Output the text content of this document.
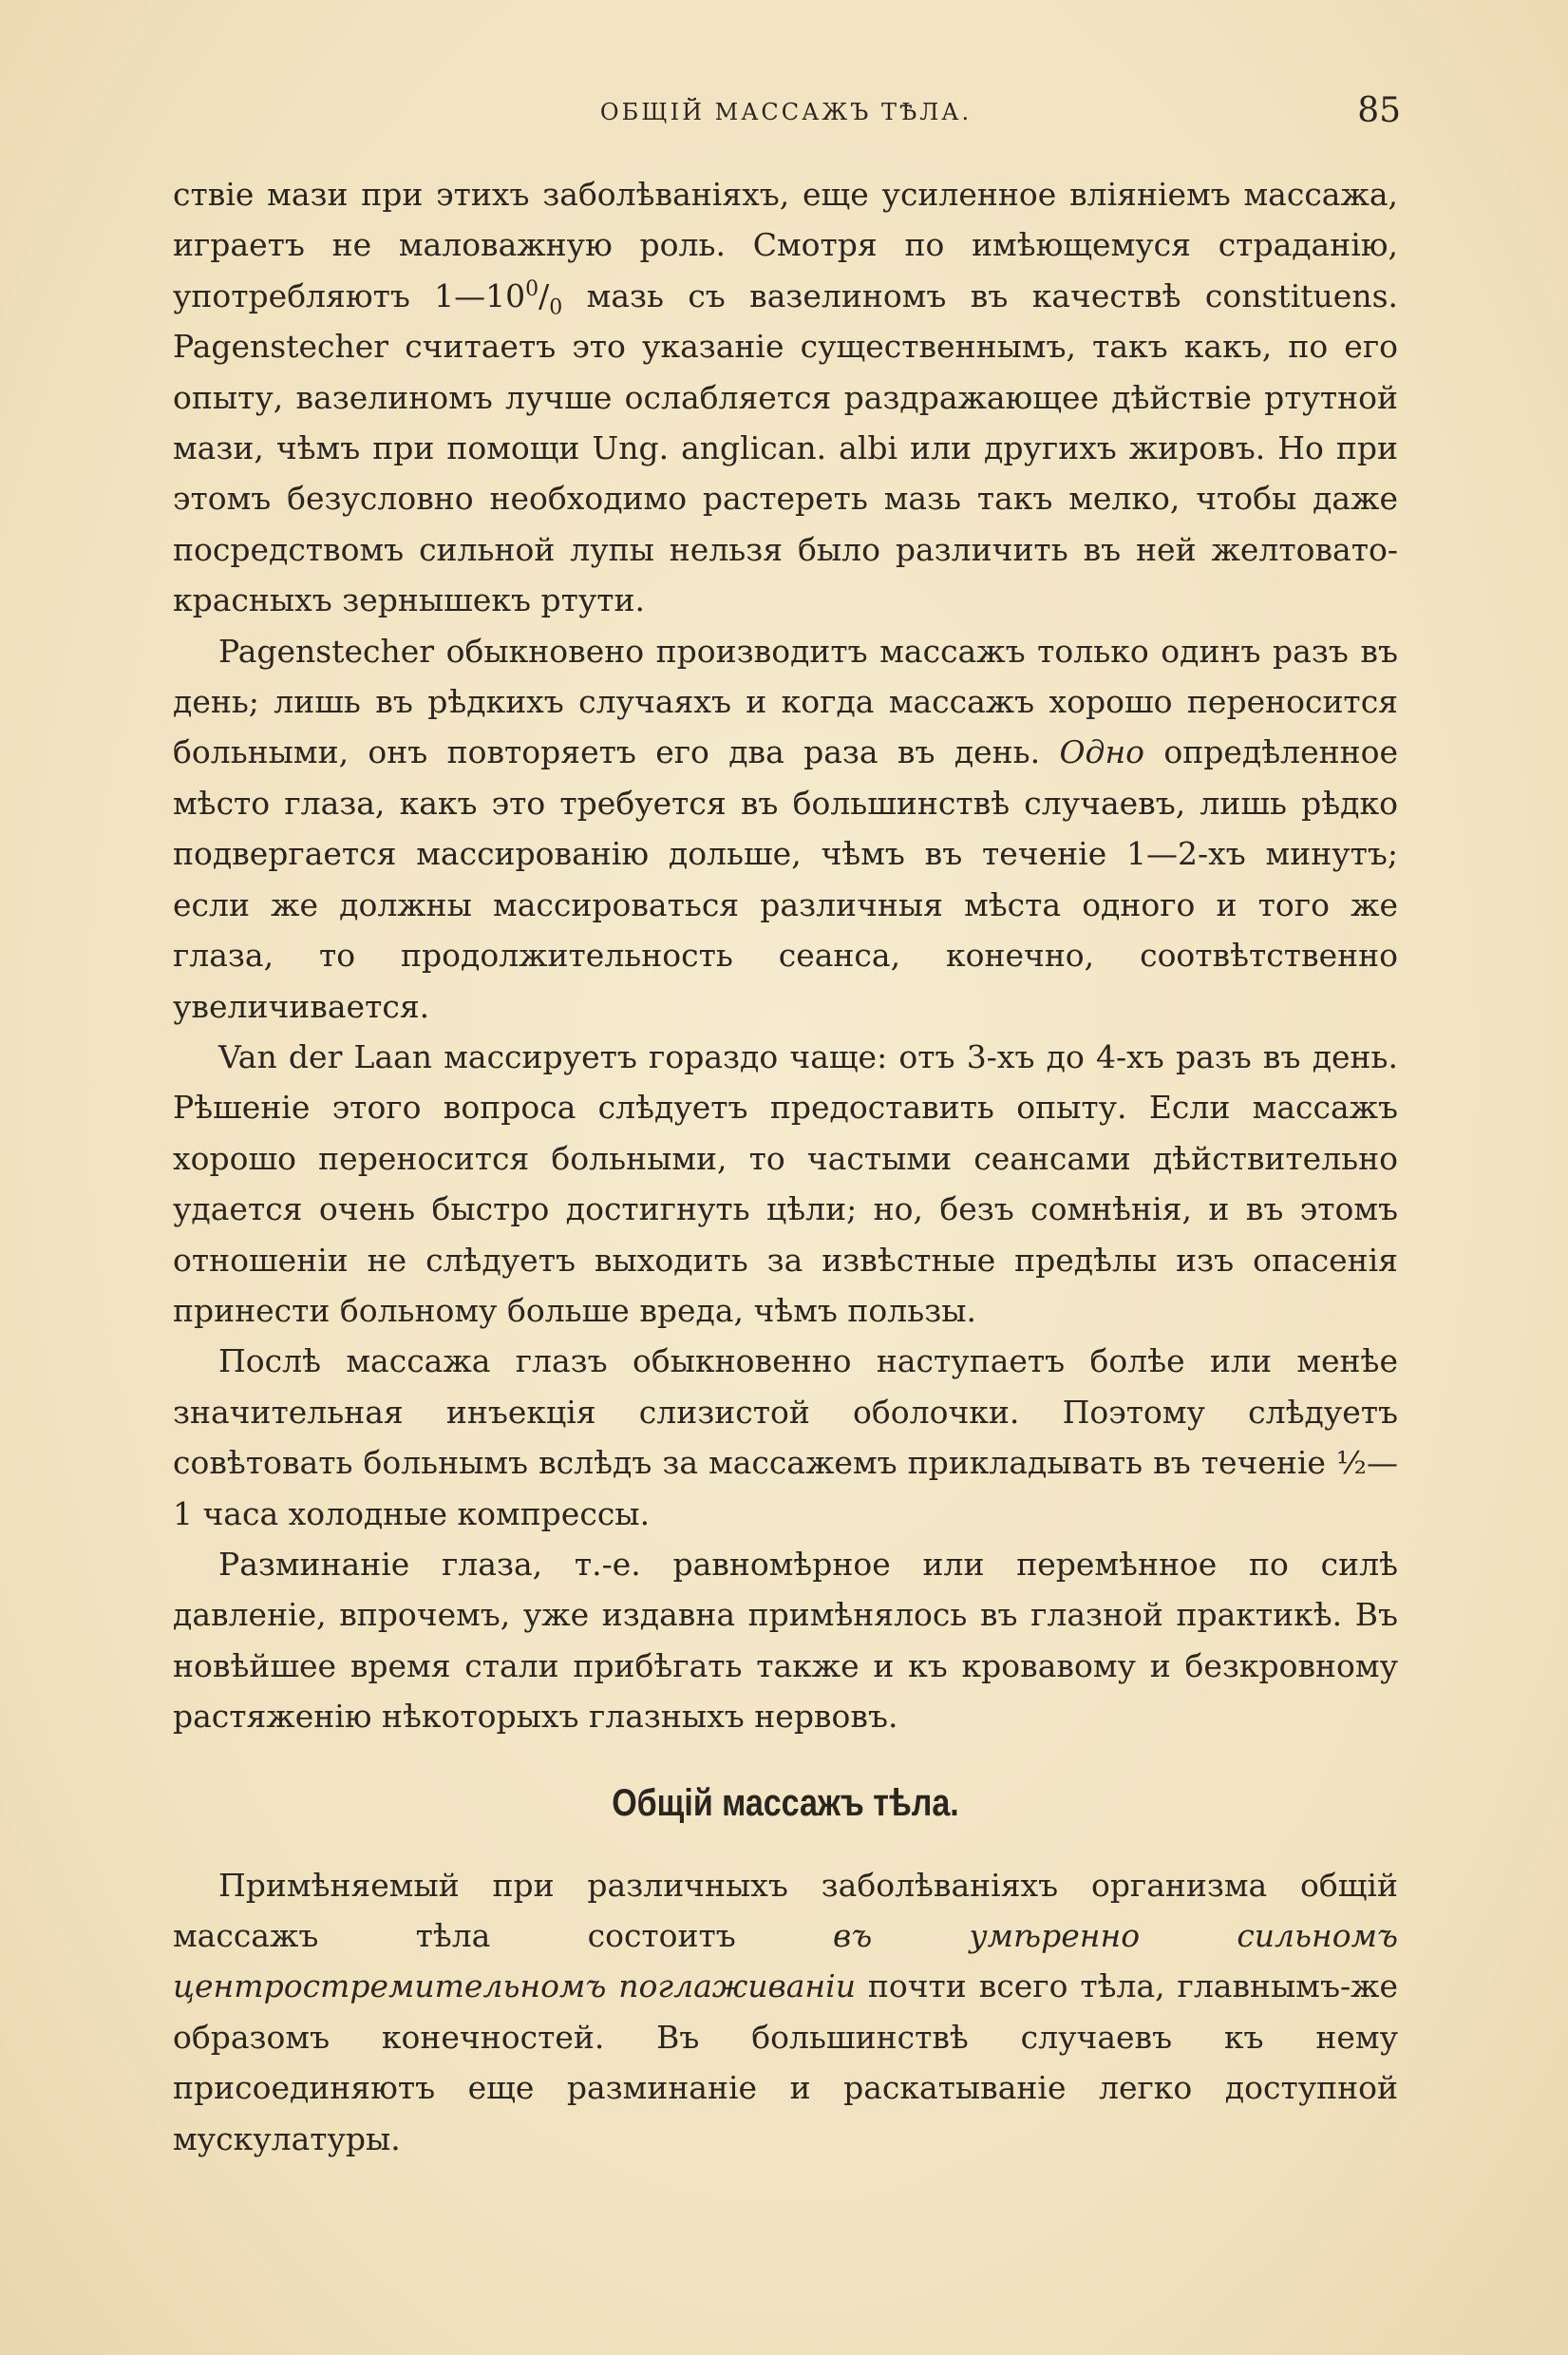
ОБЩІЙ МАССАЖЪ ТѢЛА.	85

ствіе мази при этихъ заболѣваніяхъ, еще усиленное вліяніемъ массажа, играетъ не маловажную роль. Смотря по имѣющемуся страданію, употребляютъ $1—10^0/_0$ мазь съ вазелиномъ въ качествѣ constituens. Pagenstecher считаетъ это указаніе существеннымъ, такъ какъ, по его опыту, вазелиномъ лучше ослабляется раздражающее дѣйствіе ртутной мази, чѣмъ при помощи Ung. anglican. albi или другихъ жировъ. Но при этомъ безусловно необходимо растереть мазь такъ мелко, чтобы даже посредствомъ сильной лупы нельзя было различить въ ней желтовато-красныхъ зернышекъ ртути.

Pagenstecher обыкновено производитъ массажъ только одинъ разъ въ день; лишь въ рѣдкихъ случаяхъ и когда массажъ хорошо переносится больными, онъ повторяетъ его два раза въ день. Одно опредѣленное мѣсто глаза, какъ это требуется въ большинствѣ случаевъ, лишь рѣдко подвергается массированію дольше, чѣмъ въ теченіе 1—2-хъ минутъ; если же должны массироваться различныя мѣста одного и того же глаза, то продолжительность сеанса, конечно, соотвѣтственно увеличивается.

Van der Laan массируетъ гораздо чаще: отъ 3-хъ до 4-хъ разъ въ день. Рѣшеніе этого вопроса слѣдуетъ предоставить опыту. Если массажъ хорошо переносится больными, то частыми сеансами дѣйствительно удается очень быстро достигнуть цѣли; но, безъ сомнѣнія, и въ этомъ отношеніи не слѣдуетъ выходить за извѣстные предѣлы изъ опасенія принести больному больше вреда, чѣмъ пользы.

Послѣ массажа глазъ обыкновенно наступаетъ болѣе или менѣе значительная инъекція слизистой оболочки. Поэтому слѣдуетъ совѣтовать больнымъ вслѣдъ за массажемъ прикладывать въ теченіе ½—1 часа холодные компрессы.

Разминаніе глаза, т.-е. равномѣрное или перемѣнное по силѣ давленіе, впрочемъ, уже издавна примѣнялось въ глазной практикѣ. Въ новѣйшее время стали прибѣгать также и къ кровавому и безкровному растяженію нѣкоторыхъ глазныхъ нервовъ.

Общій массажъ тѣла.

Примѣняемый при различныхъ заболѣваніяхъ организма общій массажъ тѣла состоитъ въ умѣренно сильномъ центростремительномъ поглаживаніи почти всего тѣла, главнымъ-же образомъ конечностей. Въ большинствѣ случаевъ къ нему присоединяютъ еще разминаніе и раскатываніе легко доступной мускулатуры.
